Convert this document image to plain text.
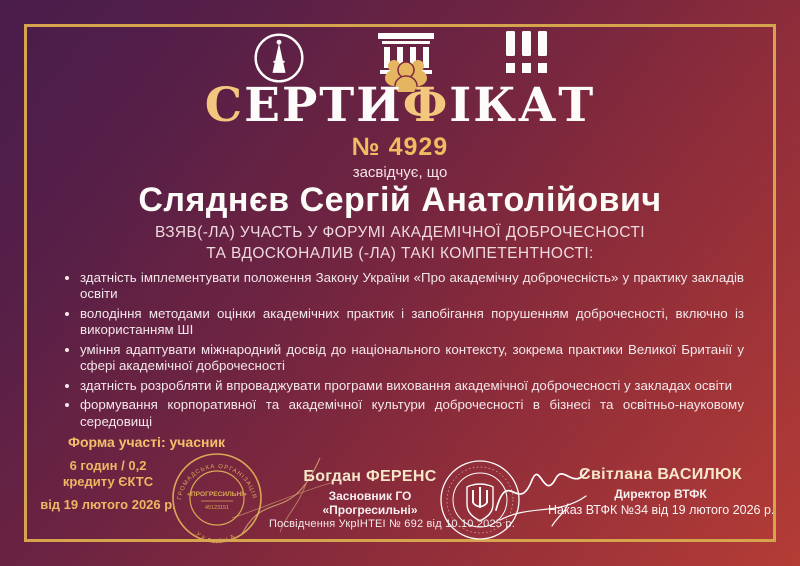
СЕРТИФІКАТ
№ 4929
засвідчує, що
Сляднєв Сергій Анатолійович
ВЗЯВ(-ЛА) УЧАСТЬ У ФОРУМІ АКАДЕМІЧНОЇ ДОБРОЧЕСНОСТІ
ТА ВДОСКОНАЛИВ (-ЛА) ТАКІ КОМПЕТЕНТНОСТІ:
• здатність імплементувати положення Закону України «Про академічну доброчесність» у практику закладів освіти
• володіння методами оцінки академічних практик і запобігання порушенням доброчесності, включно із використанням ШІ
• уміння адаптувати міжнародний досвід до національного контексту, зокрема практики Великої Британії у сфері академічної доброчесності
• здатність розробляти й впроваджувати програми виховання академічної доброчесності у закладах освіти
• формування корпоративної та академічної культури доброчесності в бізнесі та освітньо-науковому середовищі
Форма участі: учасник
6 годин / 0,2
кредиту ЄКТС
від 19 лютого 2026 р. ГРОМАДСЬКА ОРГАНІЗАЦІЯ
«ПРОГРЕСИЛЬНІ»
45123151
УКРАЇНА
Богдан ФЕРЕНС
Засновник ГО «Прогресильні»
Світлана ВАСИЛЮК
Директор ВТФК
Наказ ВТФК №34 від 19 лютого 2026 р.
Посвідчення УкрІНТЕІ № 692 від 10.10.2025 р.
